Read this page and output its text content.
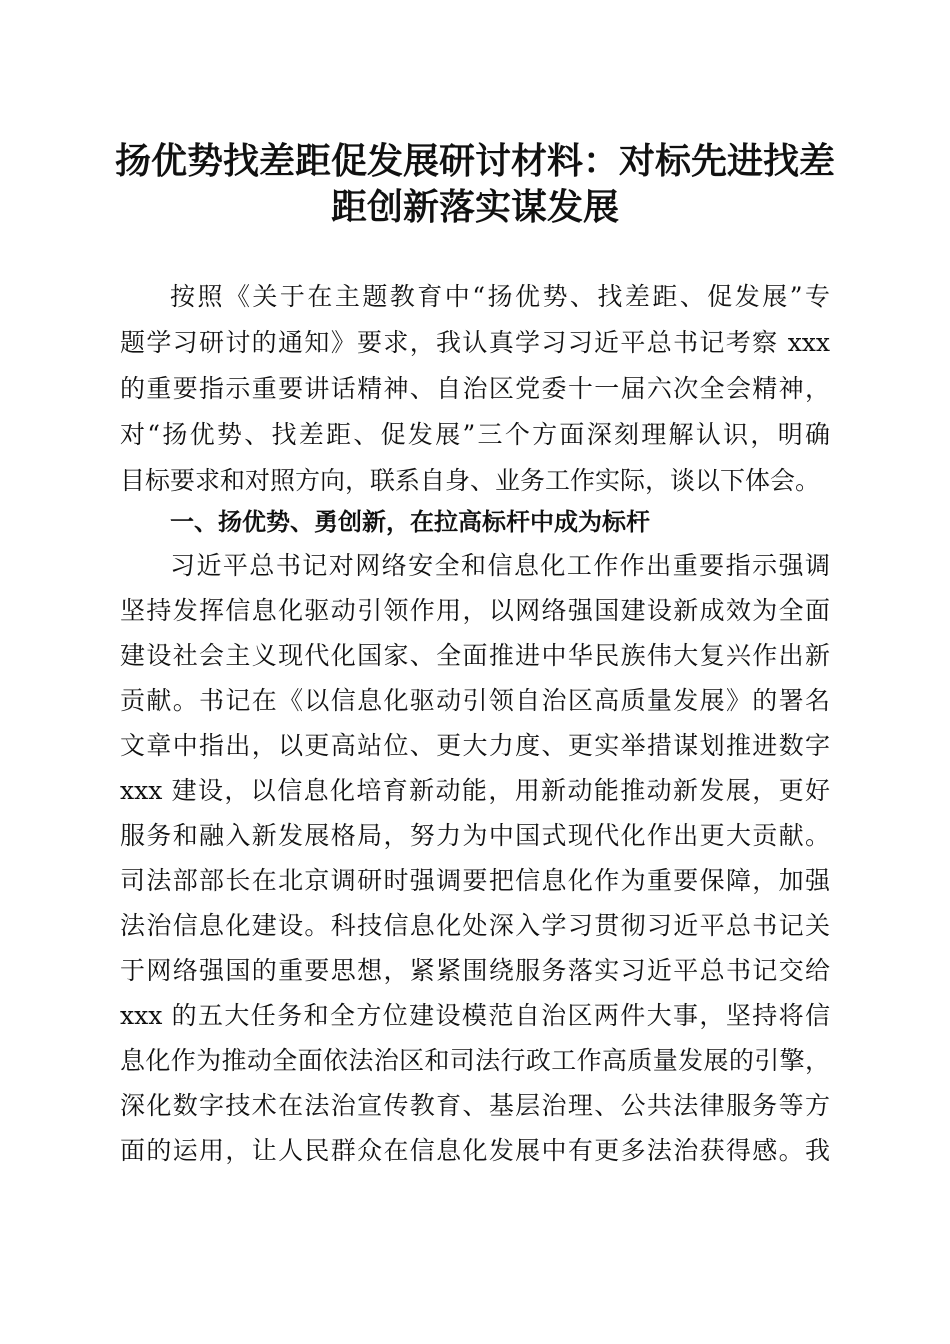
扬优势找差距促发展研讨材料：对标先进找差
距创新落实谋发展
按照《关于在主题教育中“扬优势、找差距、促发展”专
题学习研讨的通知》要求，我认真学习习近平总书记考察 xxx
的重要指示重要讲话精神、自治区党委十一届六次全会精神，
对“扬优势、找差距、促发展”三个方面深刻理解认识，明确
目标要求和对照方向，联系自身、业务工作实际，谈以下体会。
一、扬优势、勇创新，在拉高标杆中成为标杆
习近平总书记对网络安全和信息化工作作出重要指示强调
坚持发挥信息化驱动引领作用，以网络强国建设新成效为全面
建设社会主义现代化国家、全面推进中华民族伟大复兴作出新
贡献。书记在《以信息化驱动引领自治区高质量发展》的署名
文章中指出，以更高站位、更大力度、更实举措谋划推进数字
xxx 建设，以信息化培育新动能，用新动能推动新发展，更好
服务和融入新发展格局，努力为中国式现代化作出更大贡献。
司法部部长在北京调研时强调要把信息化作为重要保障，加强
法治信息化建设。科技信息化处深入学习贯彻习近平总书记关
于网络强国的重要思想，紧紧围绕服务落实习近平总书记交给
xxx 的五大任务和全方位建设模范自治区两件大事，坚持将信
息化作为推动全面依法治区和司法行政工作高质量发展的引擎，
深化数字技术在法治宣传教育、基层治理、公共法律服务等方
面的运用，让人民群众在信息化发展中有更多法治获得感。我
